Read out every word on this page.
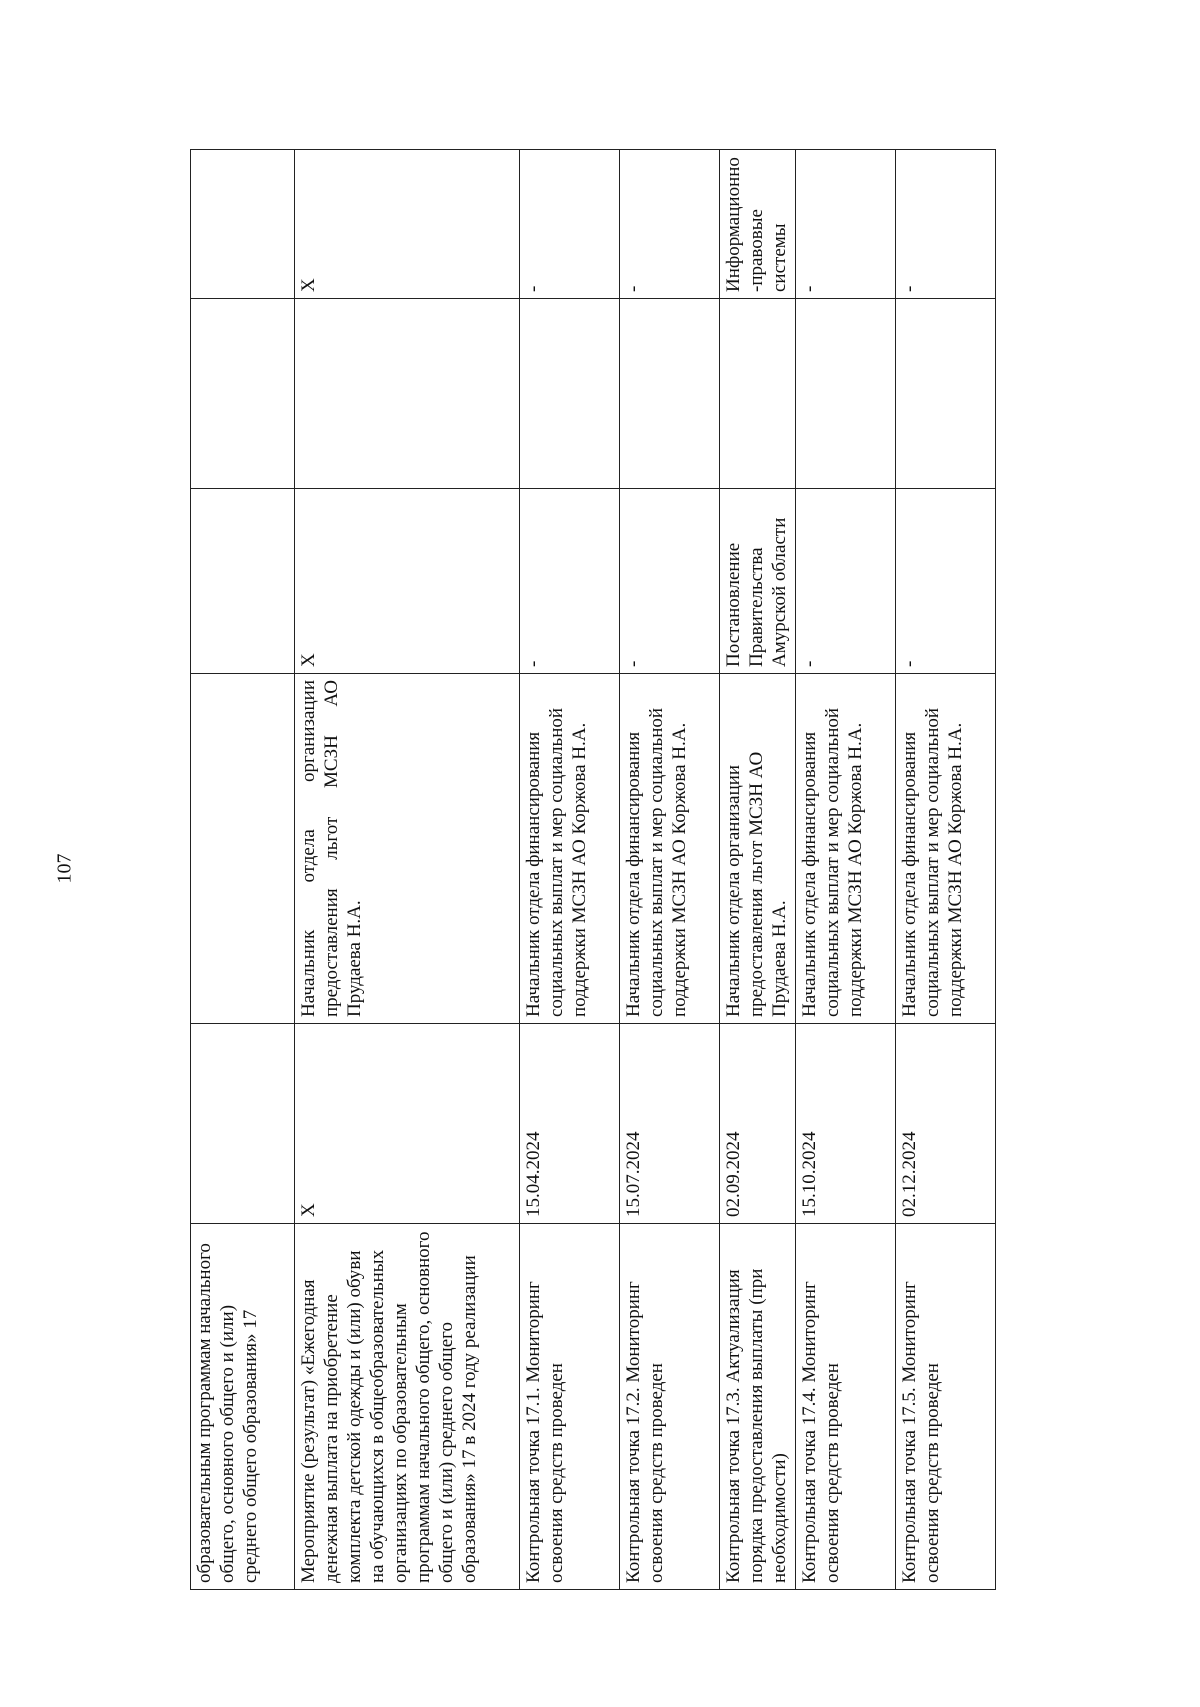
107
образовательным программам начального общего, основного общего и (или) среднего общего образования» 17					
Мероприятие (результат) «Ежегодная денежная выплата на приобретение комплекта детской одежды и (или) обуви на обучающихся в общеобразовательных организациях по образовательным программам начального общего, основного общего и (или) среднего общего образования» 17 в 2024 году реализации	Х	Начальник отдела организации предоставления льгот МСЗН АО Прудаева Н.А.	Х		Х
Контрольная точка 17.1. Мониторинг освоения средств проведен	15.04.2024	Начальник отдела финансирования социальных выплат и мер социальной поддержки МСЗН АО Коржова Н.А.	-		-
Контрольная точка 17.2. Мониторинг освоения средств проведен	15.07.2024	Начальник отдела финансирования социальных выплат и мер социальной поддержки МСЗН АО Коржова Н.А.	-		-
Контрольная точка 17.3. Актуализация порядка предоставления выплаты (при необходимости)	02.09.2024	Начальник отдела организации предоставления льгот МСЗН АО Прудаева Н.А.	Постановление Правительства Амурской области		Информационно-правовые системы
Контрольная точка 17.4. Мониторинг освоения средств проведен	15.10.2024	Начальник отдела финансирования социальных выплат и мер социальной поддержки МСЗН АО Коржова Н.А.	-		-
Контрольная точка 17.5. Мониторинг освоения средств проведен	02.12.2024	Начальник отдела финансирования социальных выплат и мер социальной поддержки МСЗН АО Коржова Н.А.	-		-
